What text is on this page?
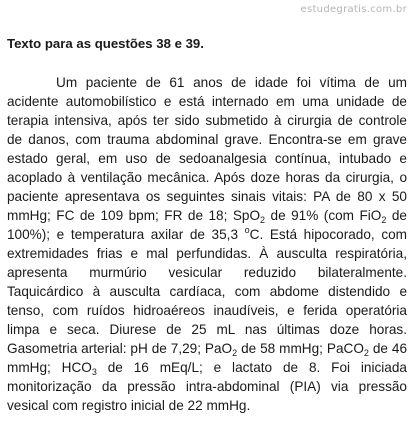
estudegratis.com.br

Texto para as questões 38 e 39.

Um paciente de 61 anos de idade foi vítima de um acidente automobilístico e está internado em uma unidade de terapia intensiva, após ter sido submetido à cirurgia de controle de danos, com trauma abdominal grave. Encontra-se em grave estado geral, em uso de sedoanalgesia contínua, intubado e acoplado à ventilação mecânica. Após doze horas da cirurgia, o paciente apresentava os seguintes sinais vitais: PA de 80 x 50 mmHg; FC de 109 bpm; FR de 18; SpO$_2$ de 91% (com FiO$_2$ de 100%); e temperatura axilar de 35,3 $^o$C. Está hipocorado, com extremidades frias e mal perfundidas. À ausculta respiratória, apresenta murmúrio vesicular reduzido bilateralmente. Taquicárdico à ausculta cardíaca, com abdome distendido e tenso, com ruídos hidroaéreos inaudíveis, e ferida operatória limpa e seca. Diurese de 25 mL nas últimas doze horas. Gasometria arterial: pH de 7,29; PaO$_2$ de 58 mmHg; PaCO$_2$ de 46 mmHg; $HCO_3$ de 16 mEq/L; e lactato de 8. Foi iniciada monitorização da pressão intra-abdominal (PIA) via pressão vesical com registro inicial de 22 mmHg.
